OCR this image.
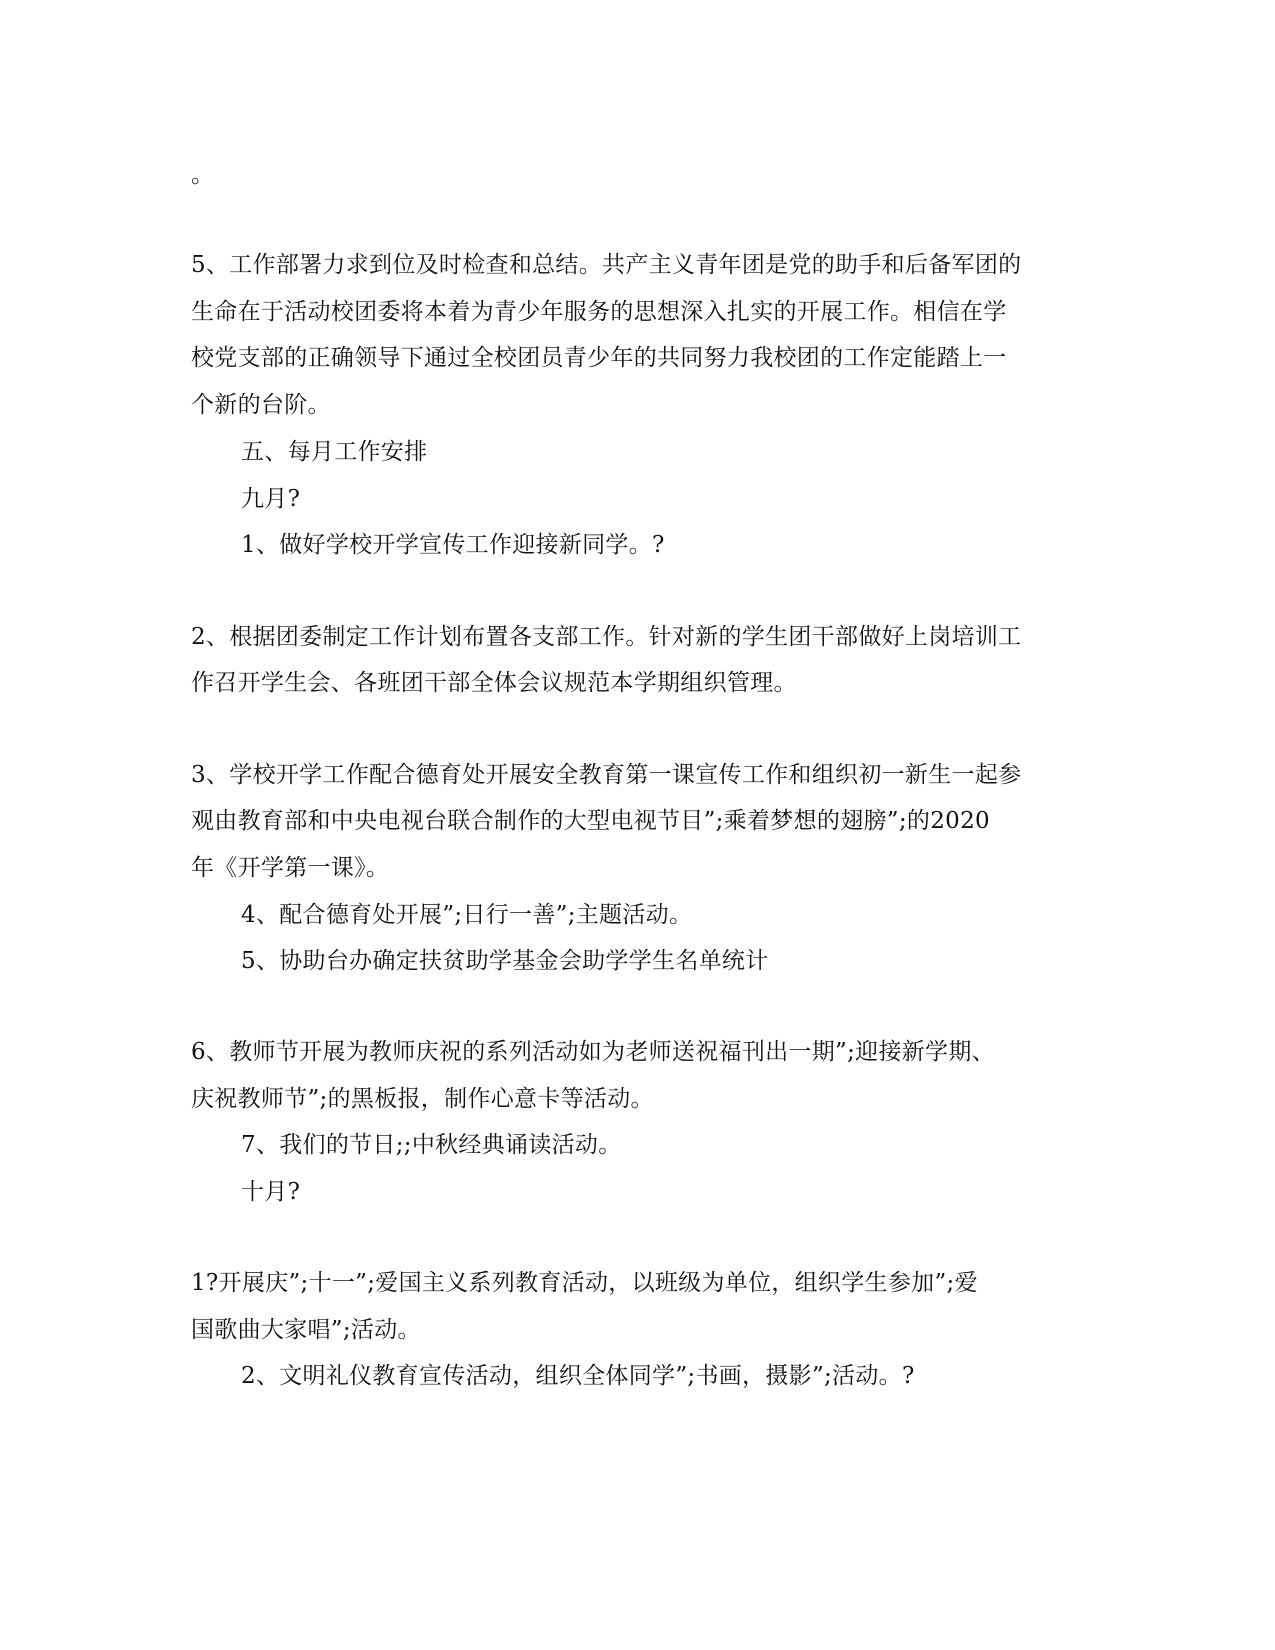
。
5、工作部署力求到位及时检查和总结。共产主义青年团是党的助手和后备军团的
生命在于活动校团委将本着为青少年服务的思想深入扎实的开展工作。相信在学
校党支部的正确领导下通过全校团员青少年的共同努力我校团的工作定能踏上一
个新的台阶。
五、每月工作安排
九月?
1、做好学校开学宣传工作迎接新同学。?
2、根据团委制定工作计划布置各支部工作。针对新的学生团干部做好上岗培训工
作召开学生会、各班团干部全体会议规范本学期组织管理。
3、学校开学工作配合德育处开展安全教育第一课宣传工作和组织初一新生一起参
观由教育部和中央电视台联合制作的大型电视节目”;乘着梦想的翅膀”;的2020
年《开学第一课》。
4、配合德育处开展”;日行一善”;主题活动。
5、协助台办确定扶贫助学基金会助学学生名单统计
6、教师节开展为教师庆祝的系列活动如为老师送祝福刊出一期”;迎接新学期、
庆祝教师节”;的黑板报，制作心意卡等活动。
7、我们的节日;;中秋经典诵读活动。
十月?
1?开展庆”;十一”;爱国主义系列教育活动，以班级为单位，组织学生参加”;爱
国歌曲大家唱”;活动。
2、文明礼仪教育宣传活动，组织全体同学”;书画，摄影”;活动。?
